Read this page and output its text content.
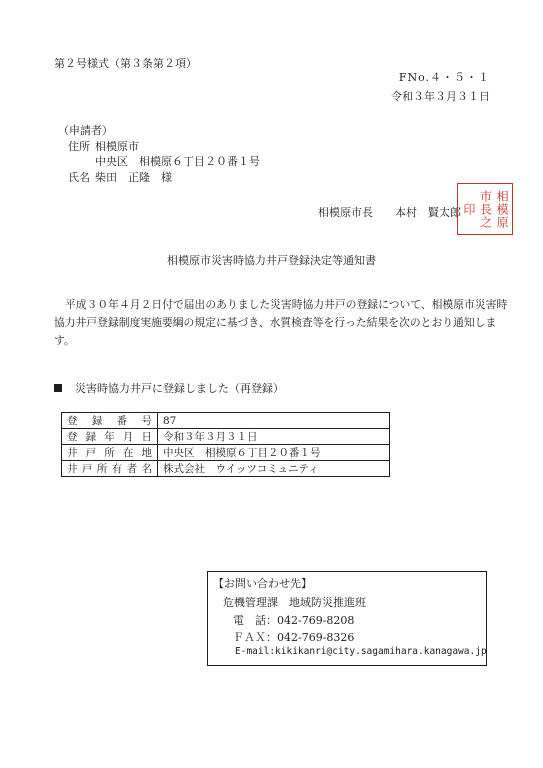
第２号様式（第３条第２項）
FNo.４・５・１
令和３年３月３１日
（申請者）
住所 相模原市
中央区　相模原６丁目２０番１号
氏名 柴田　正隆　様
相模原市長　　本村　賢太郎	相模原
市長之
印
相模原市災害時協力井戸登録決定等通知書
平成３０年４月２日付で届出のありました災害時協力井戸の登録について、相模原市災害時協力井戸登録制度実施要綱の規定に基づき、水質検査等を行った結果を次のとおり通知します。
災害時協力井戸に登録しました（再登録）
登録番号	87
登録年月日	令和３年３月３１日
井戸所在地	中央区　相模原６丁目２０番１号
井戸所有者名	株式会社　ウイッツコミュニティ
【お問い合わせ先】
危機管理課　地域防災推進班
電　話：042-769-8208
ＦＡＸ：042-769-8326
E-mail:kikikanri@city.sagamihara.kanagawa.jp
